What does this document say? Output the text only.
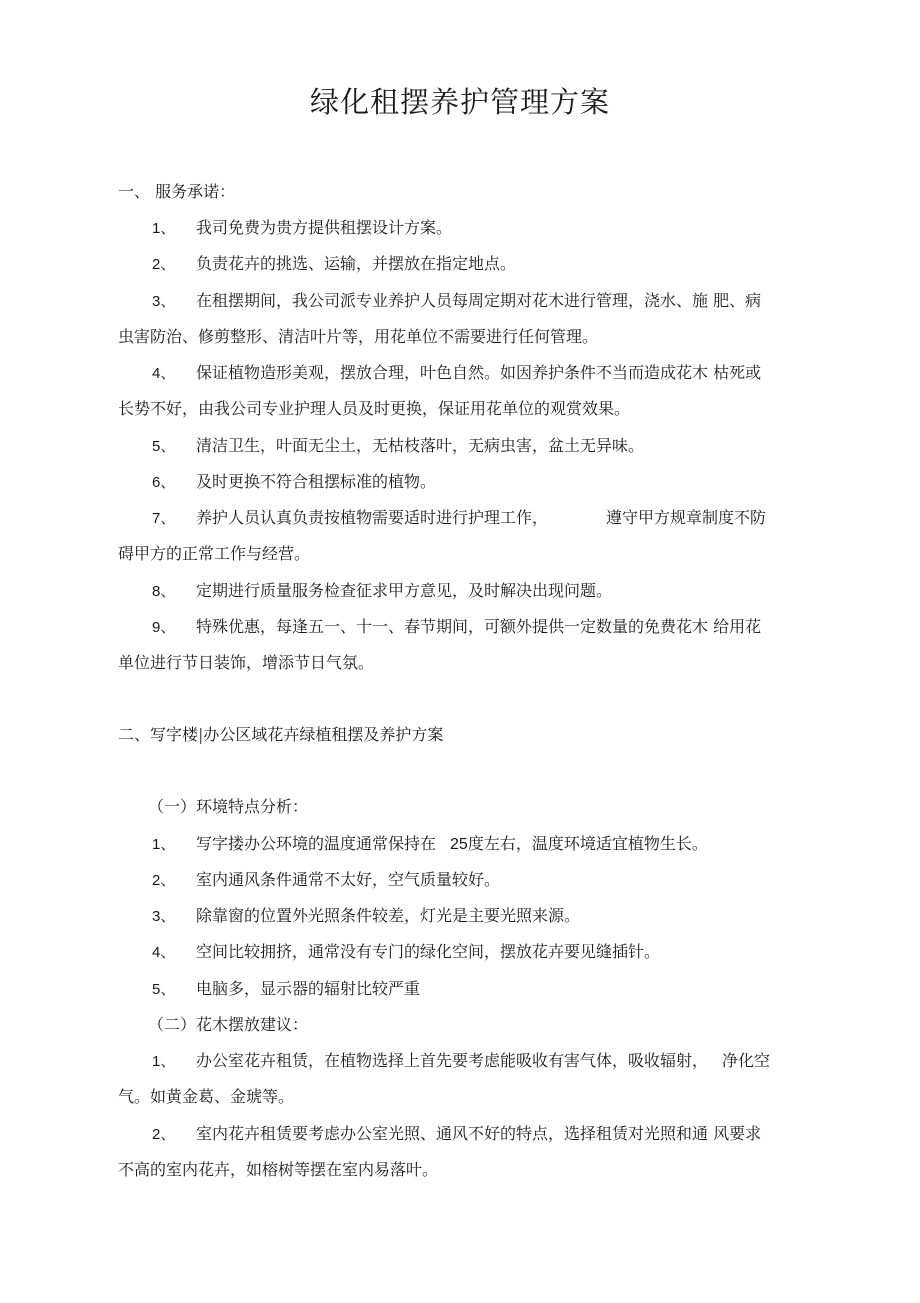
绿化租摆养护管理方案
一、 服务承诺：
1、 我司免费为贵方提供租摆设计方案。
2、 负责花卉的挑选、运输，并摆放在指定地点。
3、 在租摆期间，我公司派专业养护人员每周定期对花木进行管理，浇水、施 肥、病
虫害防治、修剪整形、清洁叶片等，用花单位不需要进行任何管理。
4、 保证植物造形美观，摆放合理，叶色自然。如因养护条件不当而造成花木 枯死或
长势不好，由我公司专业护理人员及时更换，保证用花单位的观赏效果。
5、 清洁卫生，叶面无尘土，无枯枝落叶，无病虫害，盆土无异味。
6、 及时更换不符合租摆标准的植物。
7、 养护人员认真负责按植物需要适时进行护理工作，	遵守甲方规章制度不防
碍甲方的正常工作与经营。
8、 定期进行质量服务检查征求甲方意见，及时解决出现问题。
9、 特殊优惠，每逢五一、十一、春节期间，可额外提供一定数量的免费花木 给用花
单位进行节日装饰，增添节日气氛。
二、写字楼|办公区域花卉绿植租摆及养护方案
（一）环境特点分析：
1、 写字搂办公环境的温度通常保持在 25度左右，温度环境适宜植物生长。
2、 室内通风条件通常不太好，空气质量较好。
3、 除靠窗的位置外光照条件较差，灯光是主要光照来源。
4、 空间比较拥挤，通常没有专门的绿化空间，摆放花卉要见缝插针。
5、 电脑多，显示器的辐射比较严重
（二）花木摆放建议：
1、 办公室花卉租赁，在植物选择上首先要考虑能吸收有害气体，吸收辐射， 净化空
气。如黄金葛、金琥等。
2、 室内花卉租赁要考虑办公室光照、通风不好的特点，选择租赁对光照和通 风要求
不高的室内花卉，如榕树等摆在室内易落叶。
